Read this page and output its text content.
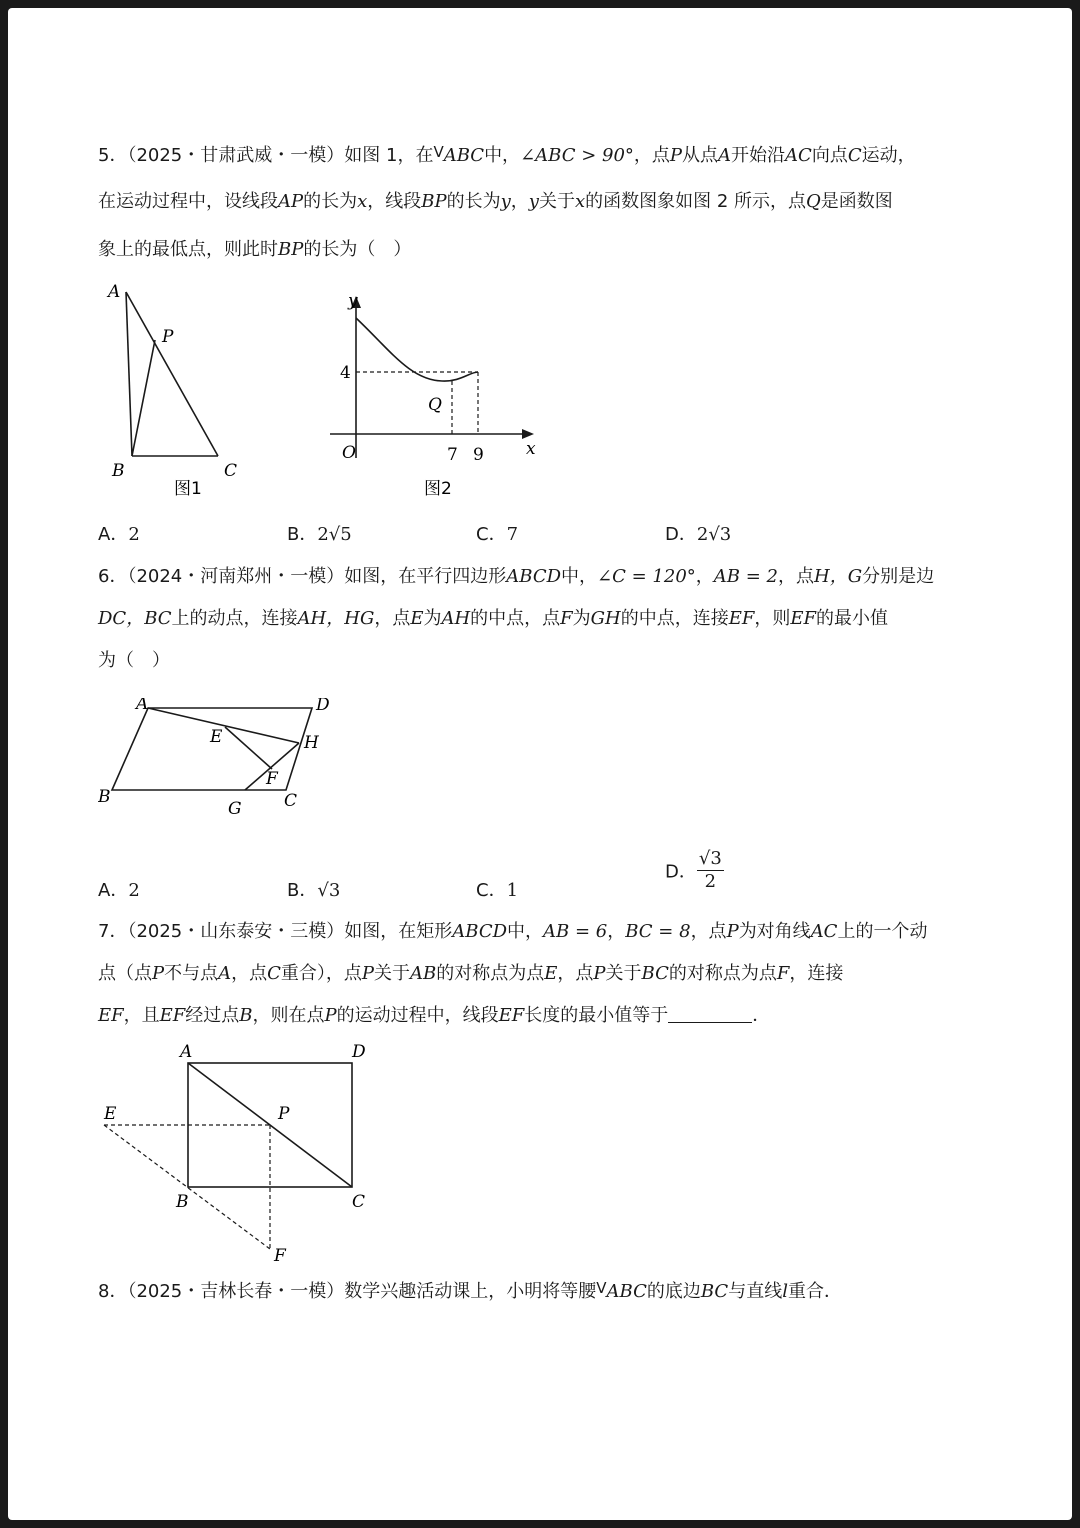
5．（2025・甘肃武威・一模）如图 1，在$^V$ABC中，∠ABC > 90°，点P从点A开始沿AC向点C运动，
在运动过程中，设线段AP的长为x，线段BP的长为y，y关于x的函数图象如图 2 所示，点Q是函数图
象上的最低点，则此时BP的长为（　）
A
P
B	C
图1
y
x
O
4
Q
7 9
图2
A．2	B．2√5	C．7	D．2√3
6．（2024・河南郑州・一模）如图，在平行四边形ABCD中，∠C = 120°，AB = 2，点H，G分别是边
DC，BC上的动点，连接AH，HG，点E为AH的中点，点F为GH的中点，连接EF，则EF的最小值
为（　）
A	D
E	H
F
B
G C
A．2	B．√3	C．1
D． $\frac{√3}{2}$
7．（2025・山东泰安・三模）如图，在矩形ABCD中，AB = 6，BC = 8，点P为对角线AC上的一个动
点（点P不与点A，点C重合），点P关于AB的对称点为点E，点P关于BC的对称点为点F，连接
EF，且EF经过点B，则在点P的运动过程中，线段EF长度的最小值等于	．
A	D
E	P
B	C
F
8．（2025・吉林长春・一模）数学兴趣活动课上，小明将等腰$^V$ABC的底边BC与直线l重合．
